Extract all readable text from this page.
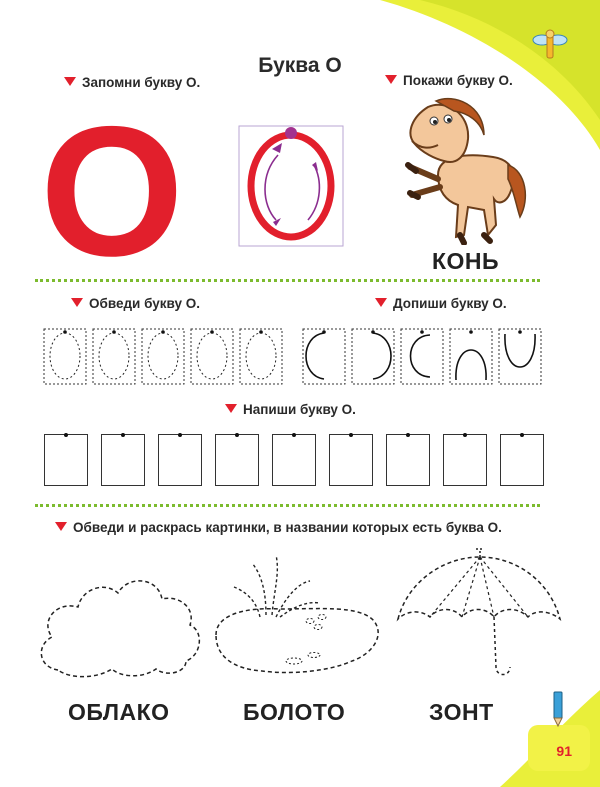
Буква О
Запомни букву О.
О
Покажи букву О.
КОНЬ
Обведи букву О.	Допиши букву О.
Напиши букву О.
Обведи и раскрась картинки, в названии которых есть буква О.
ОБЛАКО	БОЛОТО	ЗОНТ
91
